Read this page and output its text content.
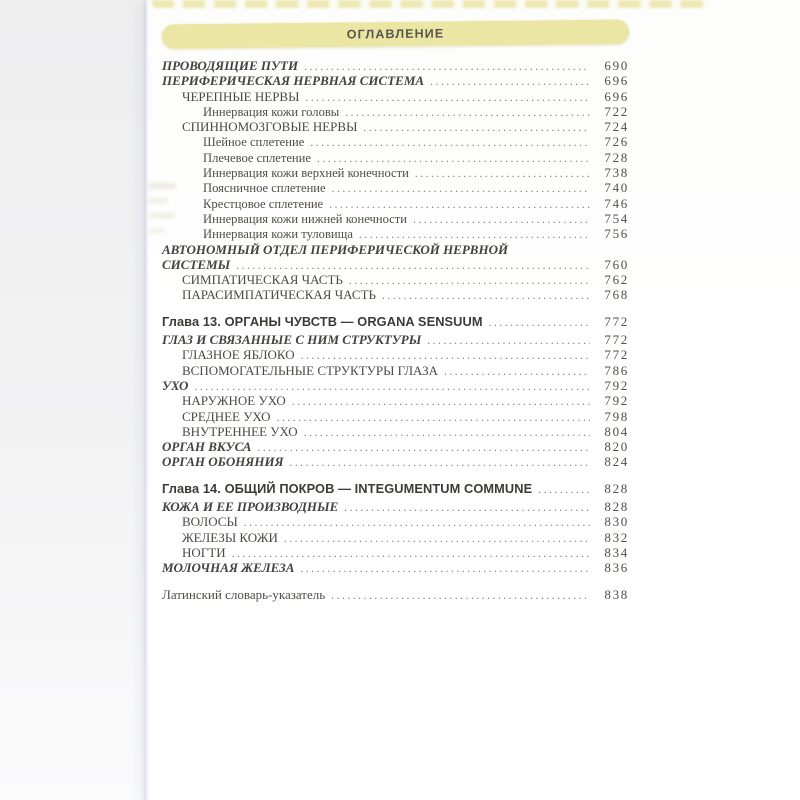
ОГЛАВЛЕНИЕ
ПРОВОДЯЩИЕ ПУТИ .....	690
ПЕРИФЕРИЧЕСКАЯ НЕРВНАЯ СИСТЕМА .....	696
ЧЕРЕПНЫЕ НЕРВЫ .....	696
Иннервация кожи головы .....	722
СПИННОМОЗГОВЫЕ НЕРВЫ .....	724
Шейное сплетение .....	726
Плечевое сплетение .....	728
Иннервация кожи верхней конечности .....	738
Поясничное сплетение .....	740
Крестцовое сплетение .....	746
Иннервация кожи нижней конечности .....	754
Иннервация кожи туловища .....	756
АВТОНОМНЫЙ ОТДЕЛ ПЕРИФЕРИЧЕСКОЙ НЕРВНОЙ
СИСТЕМЫ .....	760
СИМПАТИЧЕСКАЯ ЧАСТЬ .....	762
ПАРАСИМПАТИЧЕСКАЯ ЧАСТЬ .....	768
Глава 13. ОРГАНЫ ЧУВСТВ — ORGANA SENSUUM .....	772
ГЛАЗ И СВЯЗАННЫЕ С НИМ СТРУКТУРЫ .....	772
ГЛАЗНОЕ ЯБЛОКО .....	772
ВСПОМОГАТЕЛЬНЫЕ СТРУКТУРЫ ГЛАЗА .....	786
УХО .....	792
НАРУЖНОЕ УХО .....	792
СРЕДНЕЕ УХО .....	798
ВНУТРЕННЕЕ УХО .....	804
ОРГАН ВКУСА .....	820
ОРГАН ОБОНЯНИЯ .....	824
Глава 14. ОБЩИЙ ПОКРОВ — INTEGUMENTUM COMMUNE .....	828
КОЖА И ЕЕ ПРОИЗВОДНЫЕ .....	828
ВОЛОСЫ .....	830
ЖЕЛЕЗЫ КОЖИ .....	832
НОГТИ .....	834
МОЛОЧНАЯ ЖЕЛЕЗА .....	836
Латинский словарь-указатель .....	838
